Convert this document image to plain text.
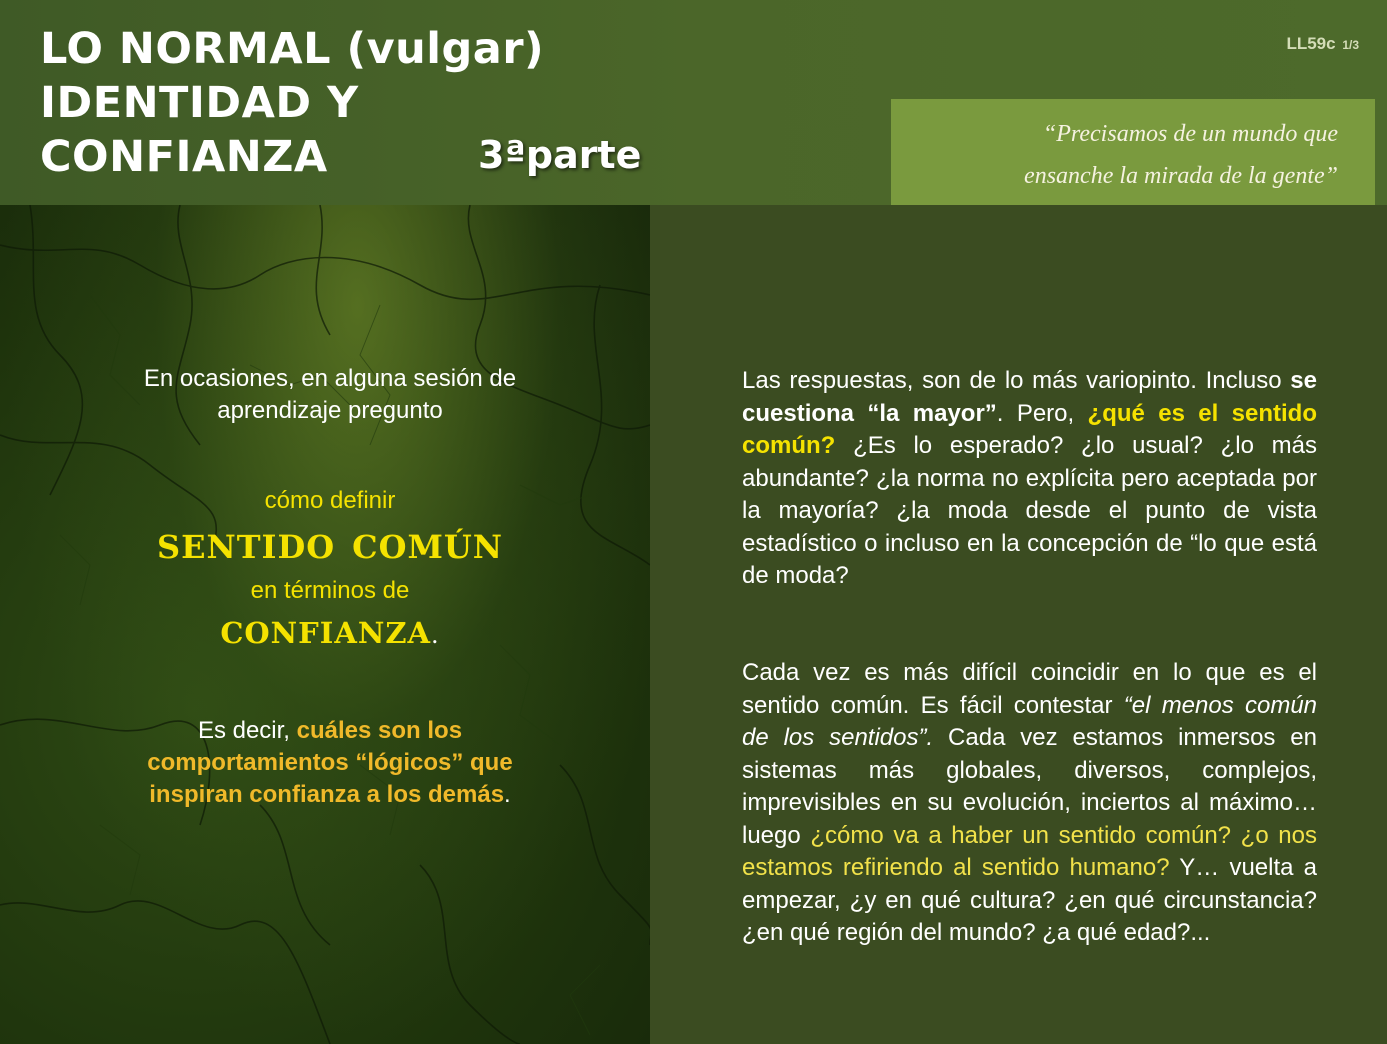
LO NORMAL (vulgar)
IDENTIDAD Y
CONFIANZA	3ªparte
LL59c 1/3
“Precisamos de un mundo que
ensanche la mirada de la gente”
En ocasiones, en alguna sesión de
aprendizaje pregunto
cómo definir
sentido común
en términos de
confianza.
Es decir, cuáles son los
comportamientos “lógicos” que
inspiran confianza a los demás.

Las respuestas, son de lo más variopinto. Incluso se cuestiona “la mayor”. Pero, ¿qué es el sentido común? ¿Es lo esperado? ¿lo usual? ¿lo más abundante? ¿la norma no explícita pero aceptada por la mayoría? ¿la moda desde el punto de vista estadístico o incluso en la concepción de “lo que está de moda?

Cada vez es más difícil coincidir en lo que es el sentido común. Es fácil contestar “el menos común de los sentidos”. Cada vez estamos inmersos en sistemas más globales, diversos, complejos, imprevisibles en su evolución, inciertos al máximo… luego ¿cómo va a haber un sentido común? ¿o nos estamos refiriendo al sentido humano? Y… vuelta a empezar, ¿y en qué cultura? ¿en qué circunstancia? ¿en qué región del mundo? ¿a qué edad?...
